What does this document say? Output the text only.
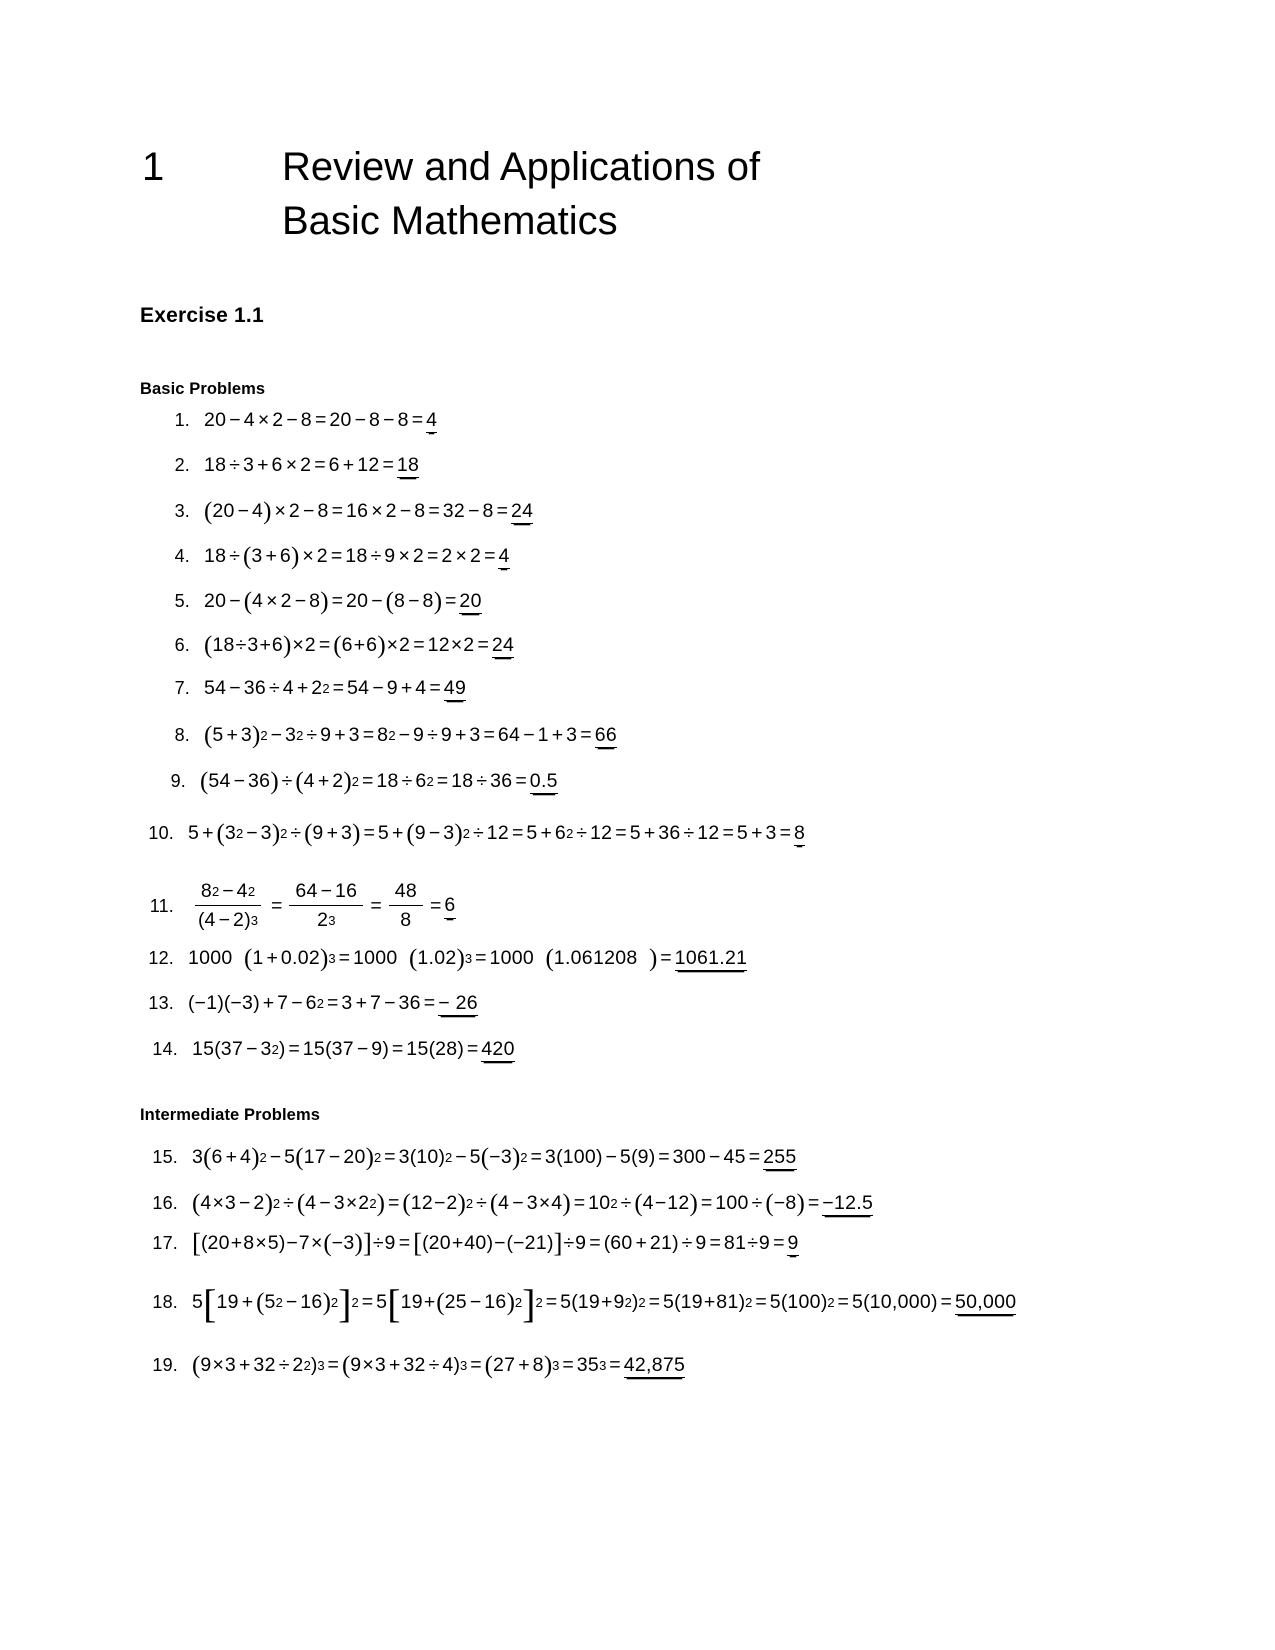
1	Review and Applications of
Basic Mathematics
Exercise 1.1
Basic Problems
Intermediate Problems
1. 20 − 4 × 2 − 8 = 20 − 8 − 8 = 4
2. 18 ÷ 3 + 6 × 2 = 6 + 12 = 18
3. (20 − 4) × 2 − 8 = 16 × 2 − 8 = 32 − 8 = 24
4. 18 ÷ (3 + 6) × 2 = 18 ÷ 9 × 2 = 2 × 2 = 4
5. 20 − (4 × 2 − 8) = 20 − (8 − 8) = 20
6. (18÷3+6)×2 = (6+6)×2 = 12×2 = 24
7. $54 - 36 \div 4 + 2^2 = 54 - 9 + 4 = 49$
8. $(5 + 3)^2 - 3^2 \div 9 + 3 = 8^2 - 9 \div 9 + 3 = 64 - 1 + 3 = 66$
9. $(54 - 36) \div (4 + 2)^2 = 18 \div 6^2 = 18 \div 36 = 0.5$
10. $5 + (3^2 - 3)^2 \div (9 + 3) = 5 + (9 - 3)^2 \div 12 = 5 + 6^2 \div 12 = 5 + 36 \div 12 = 5 + 3 = 8$
11. $\frac{8^2 - 4^2}{(4 - 2)^3} = \frac{64 - 16}{2^3} = \frac{48}{8} = 6$
12. 1000 $(1 + 0.02)^3 = 1000$ $(1.02)^3 = 1000$ (1.061208 ) = 1061.21
13. $(-1)(-3) + 7 - 6^2 = 3 + 7 - 36$ = − 26
14. $15(37 - 3^2) = 15(37 - 9) = 15(28) = 420$
15. $3(6 + 4)^2 - 5(17 - 20)^2 = 3(10)^2 - 5(-3)^2 = 3(100) - 5(9) = 300 - 45 = 255$
16. $(4\times 3 - 2)^2 \div (4 - 3\times 2^2) = (12-2)^2 \div (4 - 3\times 4) = 10^2 \div (4-12) = 100 \div (-8) = -12.5$
17. [(20+8×5)−7×(−3)]÷9 = [(20+40)−(−21)]÷9 = (60 + 21) ÷ 9 = 81÷9 = 9
18. $5[19 + (5^2 - 16)^2]^2 = 5[19+(25 - 16)^2]^2 = 5(19+9^2)^2 = 5(19+81)^2 = 5(100)^2 = 5(10,000) = 50,000$
19. $(9\times 3 + 32 \div 2^2)^3 = (9\times 3 + 32 \div 4)^3 = (27 + 8)^3 = 35^3 = 42,875$
